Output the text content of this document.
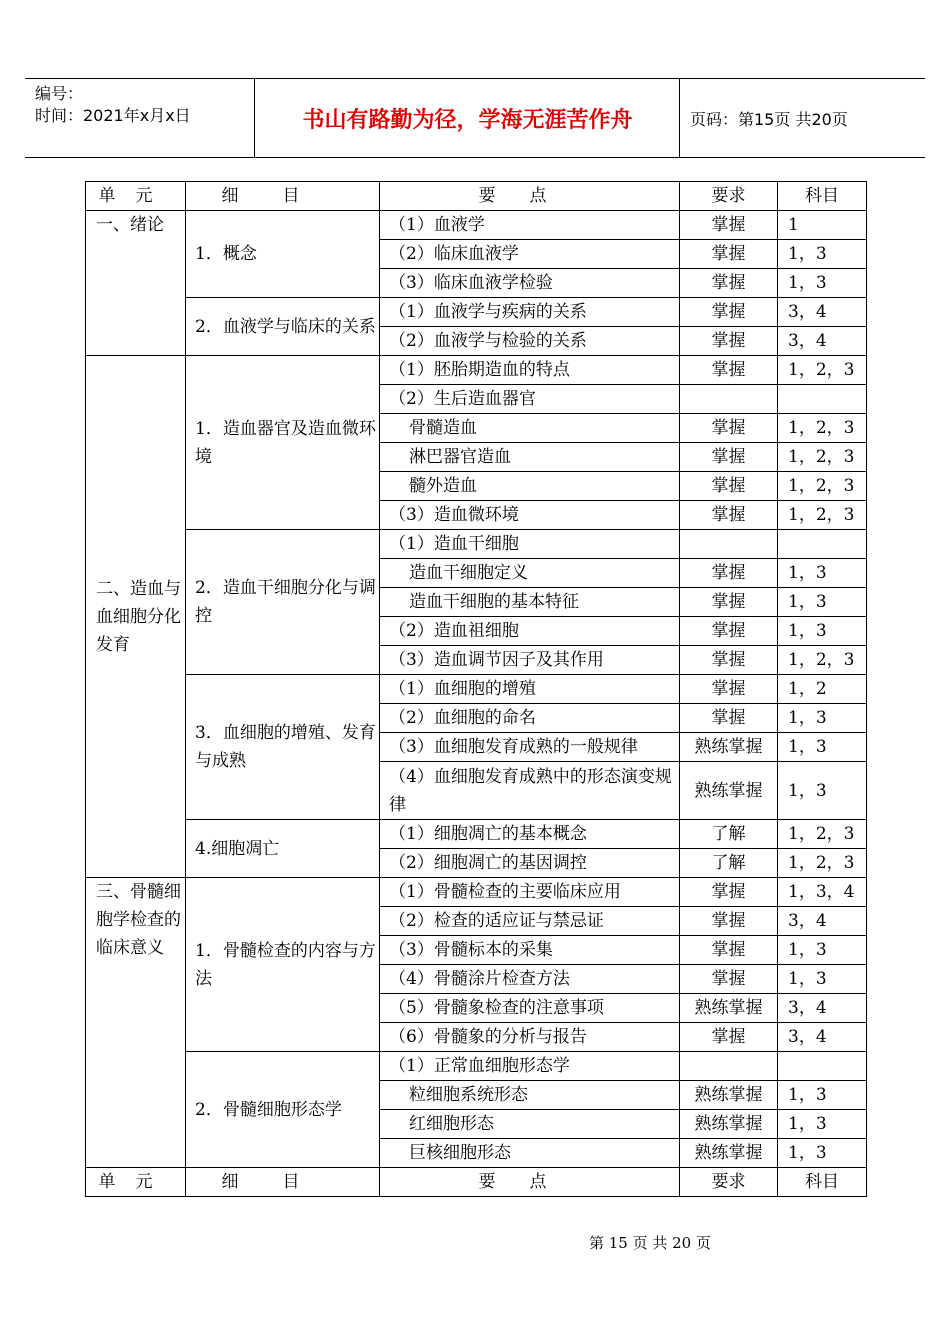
编号：
时间：2021年x月x日	书山有路勤为径，学海无涯苦作舟	页码：第15页 共20页
单元	细目	要点	要求	科目
一、绪论	1．概念	（1）血液学	掌握	1
		（2）临床血液学	掌握	1，3
		（3）临床血液学检验	掌握	1，3
	2．血液学与临床的关系	（1）血液学与疾病的关系	掌握	3，4
		（2）血液学与检验的关系	掌握	3，4
二、造血与血细胞分化发育	1．造血器官及造血微环境	（1）胚胎期造血的特点	掌握	1，2，3
		（2）生后造血器官		
		骨髓造血	掌握	1，2，3
		淋巴器官造血	掌握	1，2，3
		髓外造血	掌握	1，2，3
		（3）造血微环境	掌握	1，2，3
	2．造血干细胞分化与调控	（1）造血干细胞		
		造血干细胞定义	掌握	1，3
		造血干细胞的基本特征	掌握	1，3
		（2）造血祖细胞	掌握	1，3
		（3）造血调节因子及其作用	掌握	1，2，3
	3．血细胞的增殖、发育与成熟	（1）血细胞的增殖	掌握	1，2
		（2）血细胞的命名	掌握	1，3
		（3）血细胞发育成熟的一般规律	熟练掌握	1，3
		（4）血细胞发育成熟中的形态演变规律	熟练掌握	1，3
	4.细胞凋亡	（1）细胞凋亡的基本概念	了解	1，2，3
		（2）细胞凋亡的基因调控	了解	1，2，3
三、骨髓细胞学检查的临床意义	1．骨髓检查的内容与方法	（1）骨髓检查的主要临床应用	掌握	1，3，4
		（2）检查的适应证与禁忌证	掌握	3，4
		（3）骨髓标本的采集	掌握	1，3
		（4）骨髓涂片检查方法	掌握	1，3
		（5）骨髓象检查的注意事项	熟练掌握	3，4
		（6）骨髓象的分析与报告	掌握	3，4
	2．骨髓细胞形态学	（1）正常血细胞形态学		
		粒细胞系统形态	熟练掌握	1，3
		红细胞形态	熟练掌握	1，3
		巨核细胞形态	熟练掌握	1，3
单元	细目	要点	要求	科目
第 15 页 共 20 页
